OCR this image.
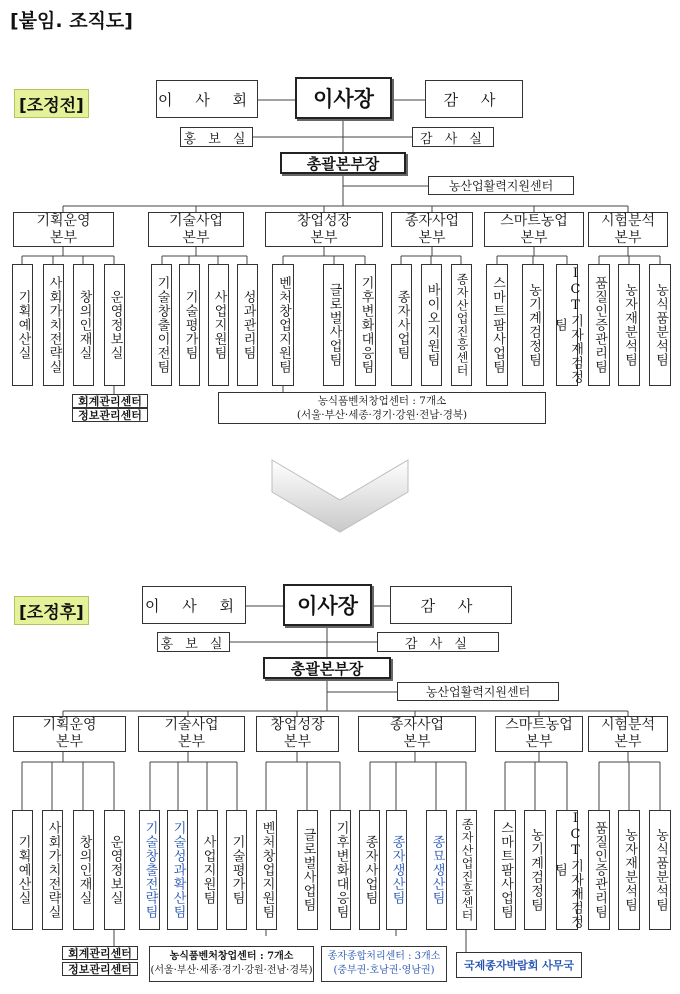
[붙임. 조직도]
[조정전]	이 사 회	이사장	감 사
홍 보 실	감 사 실
총괄본부장
농산업활력지원센터
기획운영
본부
기술사업
본부
창업성장
본부
종자사업
본부
스마트농업
본부
시험분석
본부
기획예산실 사회가치전략실 창의인재실 운영정보실 기술창출이전팀 기술평가팀 사업지원팀 성과관리팀	벤처창업지원팀	글로벌사업팀 기후변화대응팀 종자사업팀 바이오지원팀	종자산업진흥센터	스마트팜사업팀	농기계검정팀	ICT기자재검정팀	품질인증관리팀	농자재분석팀	농식품분석팀
회계관리센터
정보관리센터
농식품벤처창업센터 : 7개소
(서울·부산·세종·경기·강원·전남·경북)
[조정후]	이 사 회	이사장	감 사
홍 보 실	감 사 실
총괄본부장
농산업활력지원센터
기획운영
본부
기술사업
본부
창업성장
본부
종자사업
본부
스마트농업
본부
시험분석
본부
기획예산실 사회가치전략실 창의인재실 운영정보실 기술창출전략팀 기술성과확산팀 사업지원팀 기술평가팀 벤처창업지원팀 글로벌사업팀 기후변화대응팀 종자사업팀 종자생산팀 종묘생산팀	종자산업진흥센터	스마트팜사업팀	농기계검정팀	ICT기자재검정팀	품질인증관리팀	농자재분석팀	농식품분석팀
회계관리센터
정보관리센터
농식품벤처창업센터 : 7개소
(서울·부산·세종·경기·강원·전남·경북)
종자종합처리센터 : 3개소
(중부권·호남권·영남권)	국제종자박람회 사무국
